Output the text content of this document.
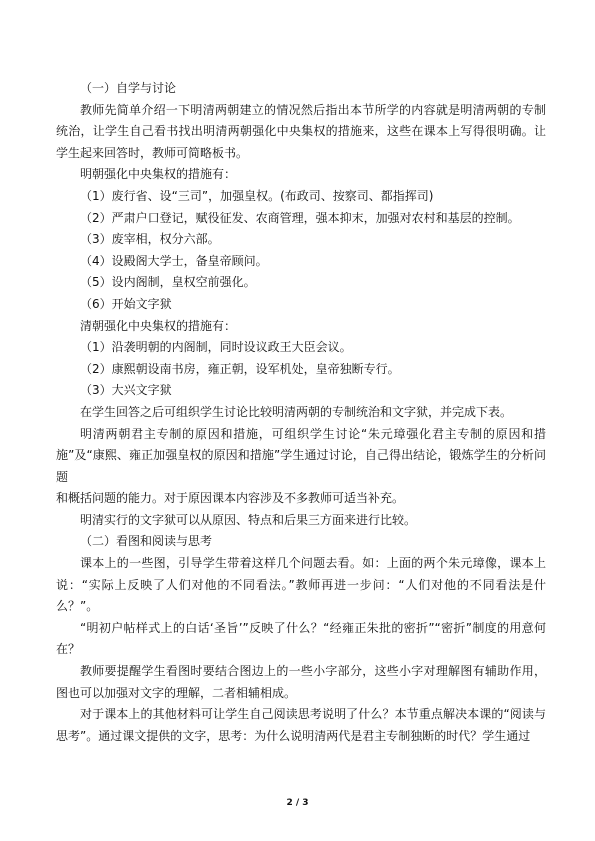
（一）自学与讨论

教师先简单介绍一下明清两朝建立的情况然后指出本节所学的内容就是明清两朝的专制统治，让学生自己看书找出明清两朝强化中央集权的措施来，这些在课本上写得很明确。让学生起来回答时，教师可简略板书。

明朝强化中央集权的措施有：

（1）废行省、设“三司”，加强皇权。(布政司、按察司、都指挥司)

（2）严肃户口登记，赋役征发、农商管理，强本抑末，加强对农村和基层的控制。

（3）废宰相，权分六部。

（4）设殿阁大学士，备皇帝顾问。

（5）设内阁制，皇权空前强化。

（6）开始文字狱

清朝强化中央集权的措施有：

（1）沿袭明朝的内阁制，同时设议政王大臣会议。

（2）康熙朝设南书房，雍正朝，设军机处，皇帝独断专行。

（3）大兴文字狱

在学生回答之后可组织学生讨论比较明清两朝的专制统治和文字狱，并完成下表。

明清两朝君主专制的原因和措施，可组织学生讨论“朱元璋强化君主专制的原因和措施”及“康熙、雍正加强皇权的原因和措施”学生通过讨论，自己得出结论，锻炼学生的分析问题

和概括问题的能力。对于原因课本内容涉及不多教师可适当补充。

明清实行的文字狱可以从原因、特点和后果三方面来进行比较。

（二）看图和阅读与思考

课本上的一些图，引导学生带着这样几个问题去看。如：上面的两个朱元璋像，课本上说：“实际上反映了人们对他的不同看法。”教师再进一步问：“人们对他的不同看法是什么？”。

“明初户帖样式上的白话‘圣旨’”反映了什么？“经雍正朱批的密折”“密折”制度的用意何在？

教师要提醒学生看图时要结合图边上的一些小字部分，这些小字对理解图有辅助作用，图也可以加强对文字的理解，二者相辅相成。

对于课本上的其他材料可让学生自己阅读思考说明了什么？本节重点解决本课的“阅读与思考”。通过课文提供的文字，思考：为什么说明清两代是君主专制独断的时代？学生通过

2 / 3
